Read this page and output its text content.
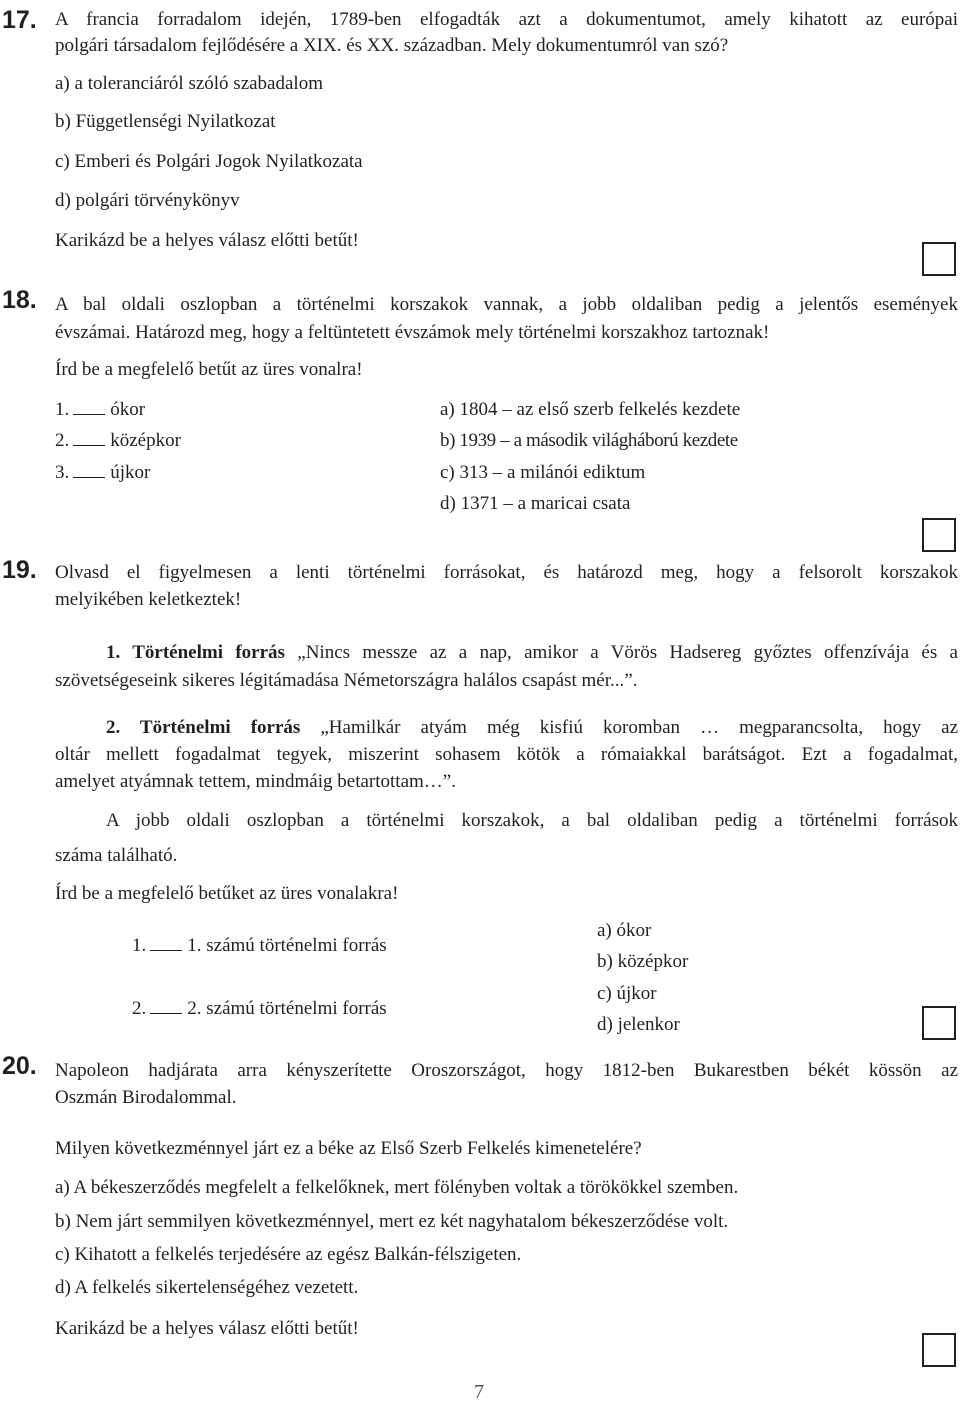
17. A francia forradalom idején, 1789-ben elfogadták azt a dokumentumot, amely kihatott az európai
polgári társadalom fejlődésére a XIX. és XX. században. Mely dokumentumról van szó?
a) a toleranciáról szóló szabadalom
b) Függetlenségi Nyilatkozat
c) Emberi és Polgári Jogok Nyilatkozata
d) polgári törvénykönyv
Karikázd be a helyes válasz előtti betűt!
18. A bal oldali oszlopban a történelmi korszakok vannak, a jobb oldaliban pedig a jelentős események
évszámai. Határozd meg, hogy a feltüntetett évszámok mely történelmi korszakhoz tartoznak!
Írd be a megfelelő betűt az üres vonalra!
1. ókor
2. középkor
3. újkor
a) 1804 – az első szerb felkelés kezdete
b) 1939 – a második világháború kezdete
c) 313 – a milánói ediktum
d) 1371 – a maricai csata
19. Olvasd el figyelmesen a lenti történelmi forrásokat, és határozd meg, hogy a felsorolt korszakok
melyikében keletkeztek!
1. Történelmi forrás „Nincs messze az a nap, amikor a Vörös Hadsereg győztes offenzívája és a
szövetségeseink sikeres légitámadása Németországra halálos csapást mér...”.
2. Történelmi forrás „Hamilkár atyám még kisfiú koromban … megparancsolta, hogy az
oltár mellett fogadalmat tegyek, miszerint sohasem kötök a rómaiakkal barátságot. Ezt a fogadalmat,
amelyet atyámnak tettem, mindmáig betartottam…”.
A jobb oldali oszlopban a történelmi korszakok, a bal oldaliban pedig a történelmi források
száma található.
Írd be a megfelelő betűket az üres vonalakra!
1. 1. számú történelmi forrás
2. 2. számú történelmi forrás
a) ókor
b) középkor
c) újkor
d) jelenkor
20. Napoleon hadjárata arra kényszerítette Oroszországot, hogy 1812-ben Bukarestben békét kössön az
Oszmán Birodalommal.
Milyen következménnyel járt ez a béke az Első Szerb Felkelés kimenetelére?
a) A békeszerződés megfelelt a felkelőknek, mert fölényben voltak a törökökkel szemben.
b) Nem járt semmilyen következménnyel, mert ez két nagyhatalom békeszerződése volt.
c) Kihatott a felkelés terjedésére az egész Balkán-félszigeten.
d) A felkelés sikertelenségéhez vezetett.
Karikázd be a helyes válasz előtti betűt!
7
